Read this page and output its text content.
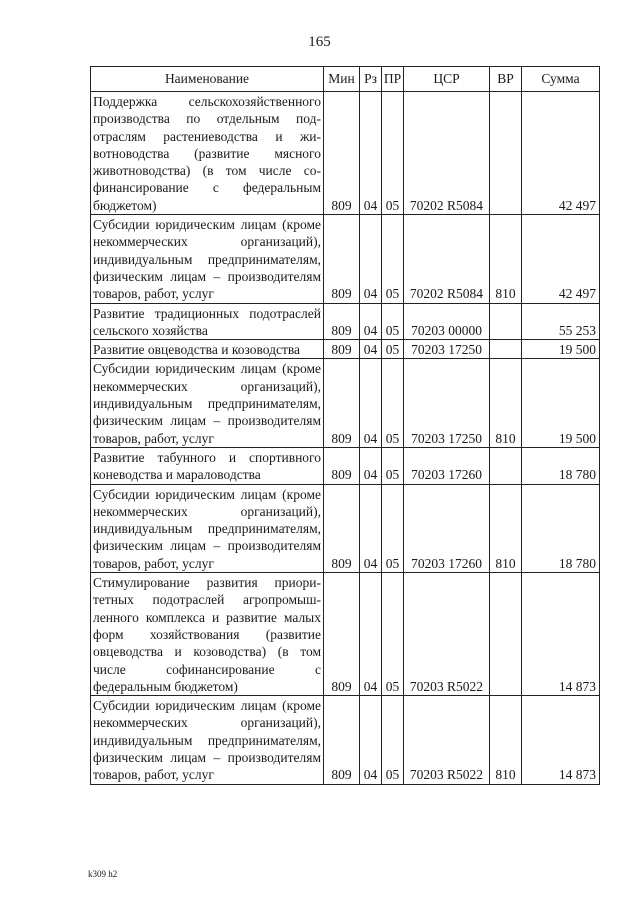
165
Наименование	Мин	Рз	ПР	ЦСР	ВР	Сумма
Поддержка сельскохозяйственного производства по отдельным подотраслям растениеводства и животноводства (развитие мясного животноводства) (в том числе софинансирование с федеральным бюджетом)	809	04	05	70202 R5084		42 497
Субсидии юридическим лицам (кроме некоммерческих организаций), индивидуальным предпринимателям, физическим лицам – производителям товаров, работ, услуг	809	04	05	70202 R5084	810	42 497
Развитие традиционных подотраслей сельского хозяйства	809	04	05	70203 00000		55 253
Развитие овцеводства и козоводства	809	04	05	70203 17250		19 500
Субсидии юридическим лицам (кроме некоммерческих организаций), индивидуальным предпринимателям, физическим лицам – производителям товаров, работ, услуг	809	04	05	70203 17250	810	19 500
Развитие табунного и спортивного коневодства и мараловодства	809	04	05	70203 17260		18 780
Субсидии юридическим лицам (кроме некоммерческих организаций), индивидуальным предпринимателям, физическим лицам – производителям товаров, работ, услуг	809	04	05	70203 17260	810	18 780
Стимулирование развития приоритетных подотраслей агропромышленного комплекса и развитие малых форм хозяйствования (развитие овцеводства и козоводства) (в том числе софинансирование с федеральным бюджетом)	809	04	05	70203 R5022		14 873
Субсидии юридическим лицам (кроме некоммерческих организаций), индивидуальным предпринимателям, физическим лицам – производителям товаров, работ, услуг	809	04	05	70203 R5022	810	14 873
k309 h2
